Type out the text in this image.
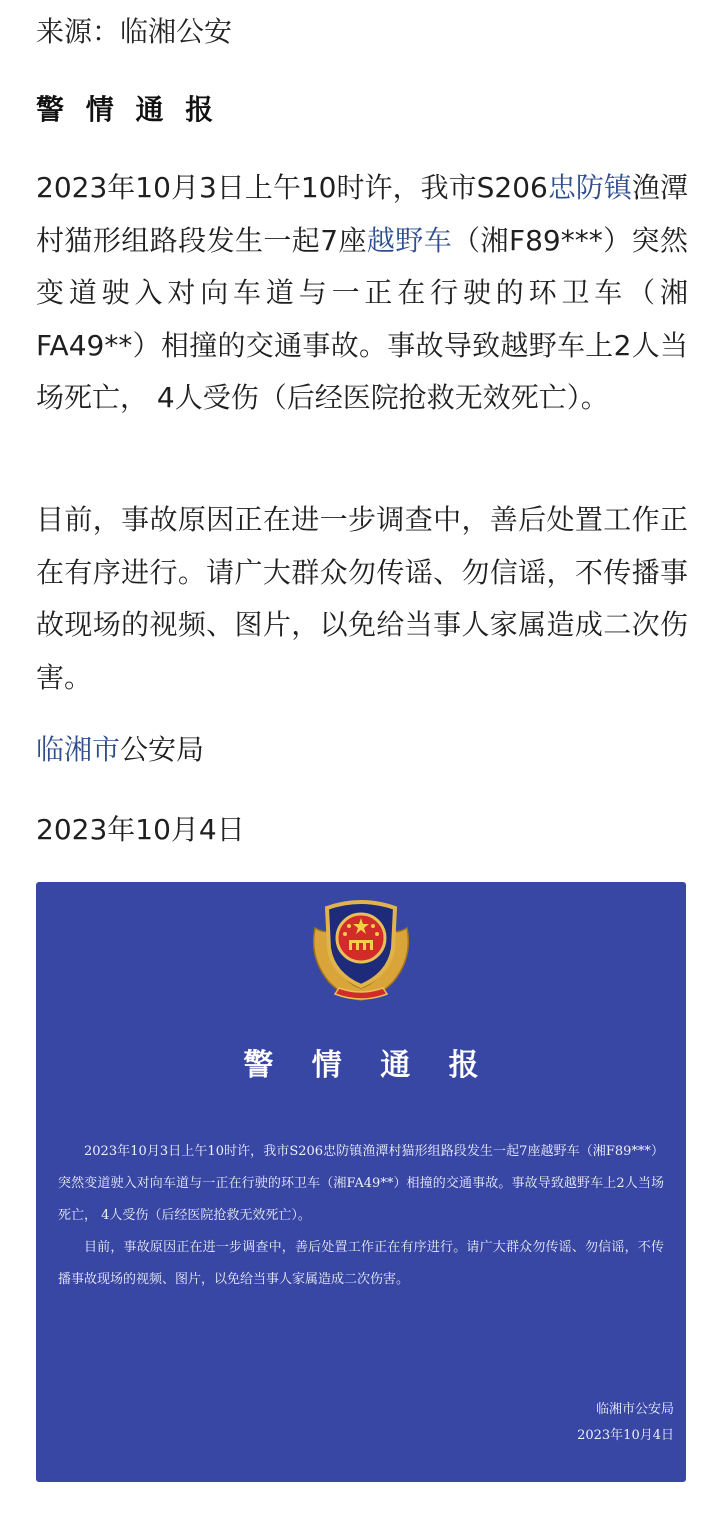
来源：临湘公安
警 情 通 报

2023年10月3日上午10时许，我市S206忠防镇渔潭村猫形组路段发生一起7座越野车（湘F89***）突然变道驶入对向车道与一正在行驶的环卫车（湘FA49**）相撞的交通事故。事故导致越野车上2人当场死亡， 4人受伤（后经医院抢救无效死亡）。

目前，事故原因正在进一步调查中，善后处置工作正在有序进行。请广大群众勿传谣、勿信谣，不传播事故现场的视频、图片，以免给当事人家属造成二次伤害。

临湘市公安局
2023年10月4日
警 情 通 报

2023年10月3日上午10时许，我市S206忠防镇渔潭村猫形组路段发生一起7座越野车（湘F89***）突然变道驶入对向车道与一正在行驶的环卫车（湘FA49**）相撞的交通事故。事故导致越野车上2人当场死亡， 4人受伤（后经医院抢救无效死亡）。

目前，事故原因正在进一步调查中，善后处置工作正在有序进行。请广大群众勿传谣、勿信谣，不传播事故现场的视频、图片，以免给当事人家属造成二次伤害。

临湘市公安局
2023年10月4日
